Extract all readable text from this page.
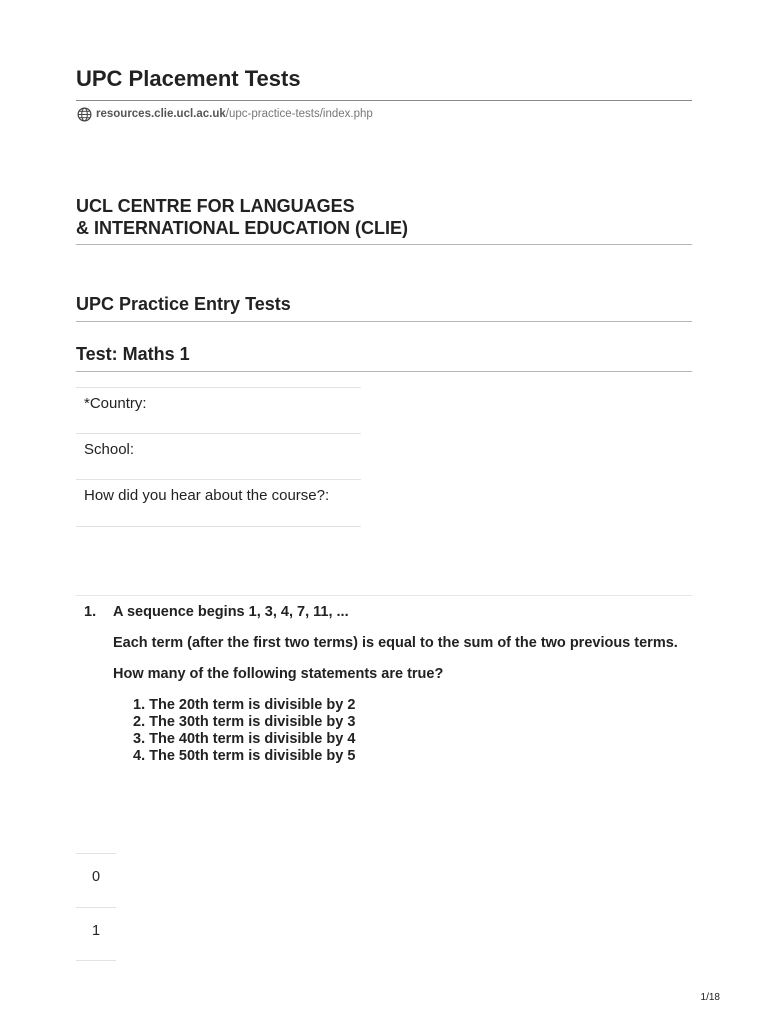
UPC Placement Tests
resources.clie.ucl.ac.uk /upc-practice-tests/index.php
UCL CENTRE FOR LANGUAGES
& INTERNATIONAL EDUCATION (CLIE)
UPC Practice Entry Tests
Test: Maths 1
*Country:
School:
How did you hear about the course?:
1. A sequence begins 1, 3, 4, 7, 11, ...

Each term (after the first two terms) is equal to the sum of the two previous terms.

How many of the following statements are true?

1. The 20th term is divisible by 2
2. The 30th term is divisible by 3
3. The 40th term is divisible by 4
4. The 50th term is divisible by 5
0
1
1/18
